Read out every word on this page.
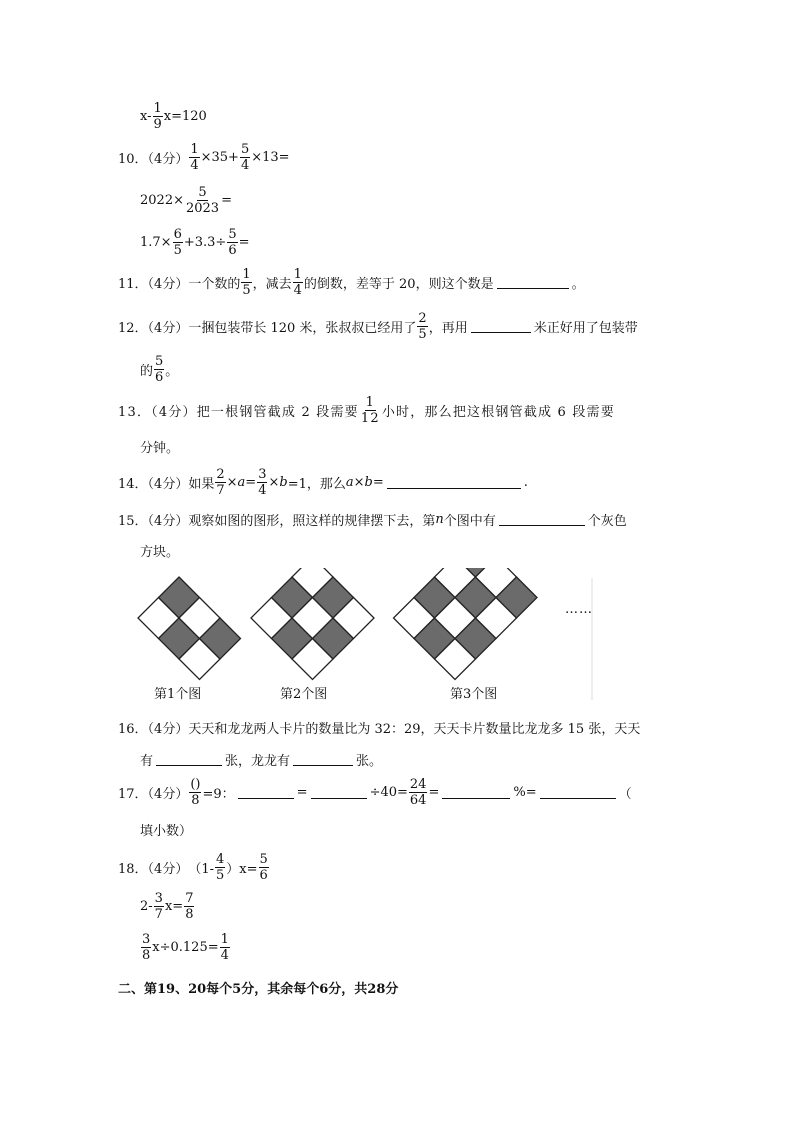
$x- \frac{1}{9} x=120$
10．（4分） $\frac{1}{4} \times 35+ \frac{5}{4} \times 13=$
$2022\times \frac{5}{2023}$ =
$1.7\times \frac{6}{5} +3.3\div \frac{5}{6}$ =
11．（4分）一个数的 $\frac{1}{5}$ ，减去 $\frac{1}{4}$ 的倒数，差等于 20，则这个数是	。
12．（4分）一捆包装带长 120 米，张叔叔已经用了 $\frac{2}{5}$ ，再用	米正好用了包装带
的 $\frac{5}{6}$ 。
13．（4分）把一根钢管截成 2 段需要 $\frac{1}{12}$ 小时，那么把这根钢管截成 6 段需要
分钟。
14．（4分）如果 $\frac{2}{7} \times a = \frac{3}{4} \times b =1$，那么 a×b =	.
15．（4分）观察如图的图形，照这样的规律摆下去，第 n 个图中有	个灰色
方块。
第1个图	第2个图	第3个图
……
16．（4分）天天和龙龙两人卡片的数量比为 32：29，天天卡片数量比龙龙多 15 张，天天
有	张，龙龙有	张。
17．（4分） $\frac{()}{8} =9$：	=	$\div 40= \frac{24}{64}$ =	%=	（
填小数）
18．（4分） $(1- \frac{4}{5} )x= \frac{5}{6}$
$2- \frac{3}{7} x= \frac{7}{8}$
$\frac{3}{8} x\div 0.125= \frac{1}{4}$
二、第19、20每个5分，其余每个6分，共28分
